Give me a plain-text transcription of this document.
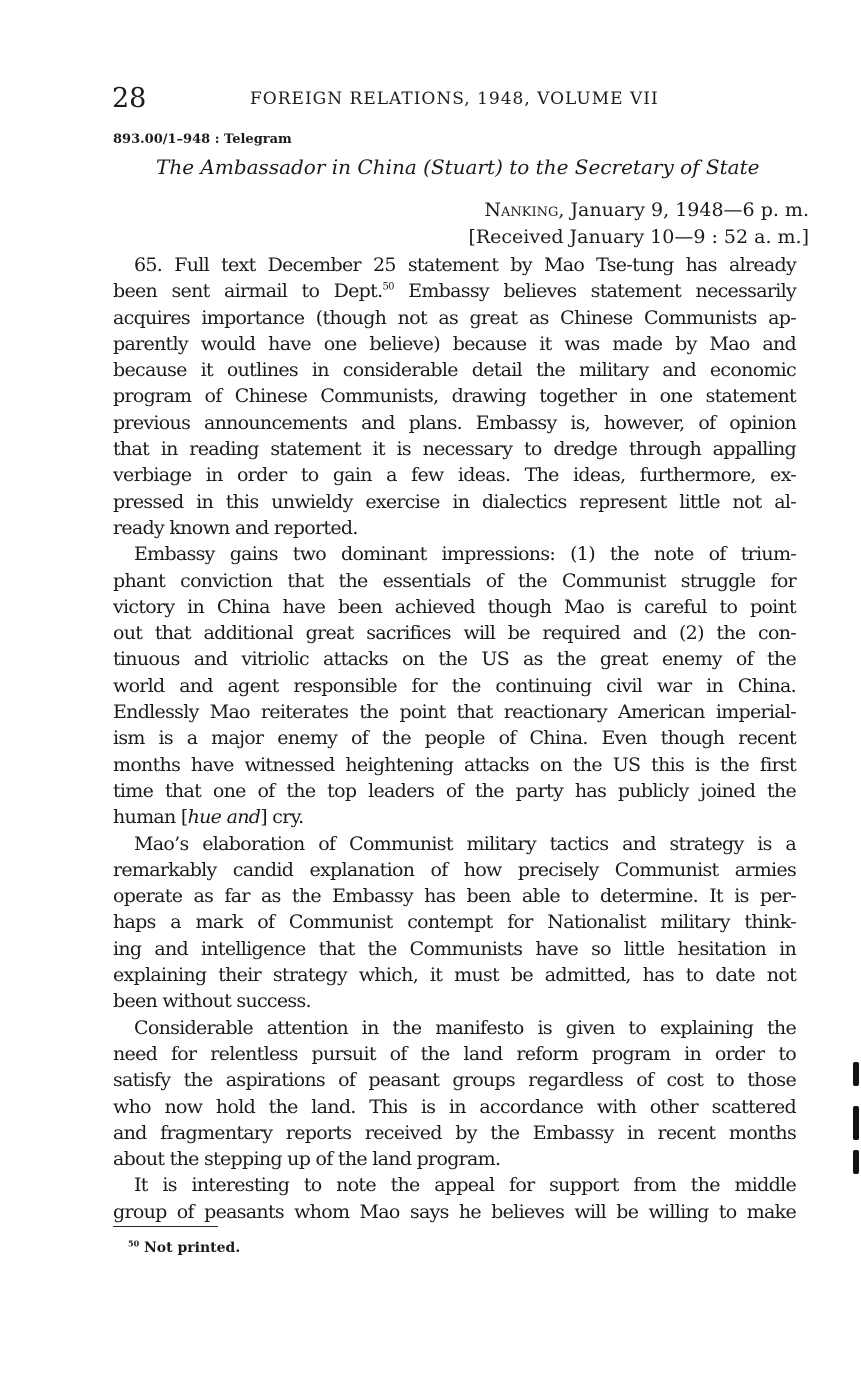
28	FOREIGN RELATIONS, 1948, VOLUME VII
893.00/1–948 : Telegram
The Ambassador in China (Stuart) to the Secretary of State
Nanking, January 9, 1948—6 p. m.
[Received January 10—9 : 52 a. m.]
65. Full text December 25 statement by Mao Tse-tung has already
been sent airmail to Dept.$^{50}$ Embassy believes statement necessarily
acquires importance (though not as great as Chinese Communists ap-
parently would have one believe) because it was made by Mao and
because it outlines in considerable detail the military and economic
program of Chinese Communists, drawing together in one statement
previous announcements and plans. Embassy is, however, of opinion
that in reading statement it is necessary to dredge through appalling
verbiage in order to gain a few ideas. The ideas, furthermore, ex-
pressed in this unwieldy exercise in dialectics represent little not al-
ready known and reported.
Embassy gains two dominant impressions: (1) the note of trium-
phant conviction that the essentials of the Communist struggle for
victory in China have been achieved though Mao is careful to point
out that additional great sacrifices will be required and (2) the con-
tinuous and vitriolic attacks on the US as the great enemy of the
world and agent responsible for the continuing civil war in China.
Endlessly Mao reiterates the point that reactionary American imperial-
ism is a major enemy of the people of China. Even though recent
months have witnessed heightening attacks on the US this is the first
time that one of the top leaders of the party has publicly joined the
human [hue and] cry.
Mao’s elaboration of Communist military tactics and strategy is a
remarkably candid explanation of how precisely Communist armies
operate as far as the Embassy has been able to determine. It is per-
haps a mark of Communist contempt for Nationalist military think-
ing and intelligence that the Communists have so little hesitation in
explaining their strategy which, it must be admitted, has to date not
been without success.
Considerable attention in the manifesto is given to explaining the
need for relentless pursuit of the land reform program in order to
satisfy the aspirations of peasant groups regardless of cost to those
who now hold the land. This is in accordance with other scattered
and fragmentary reports received by the Embassy in recent months
about the stepping up of the land program.
It is interesting to note the appeal for support from the middle
group of peasants whom Mao says he believes will be willing to make
$^{50}$ Not printed.
